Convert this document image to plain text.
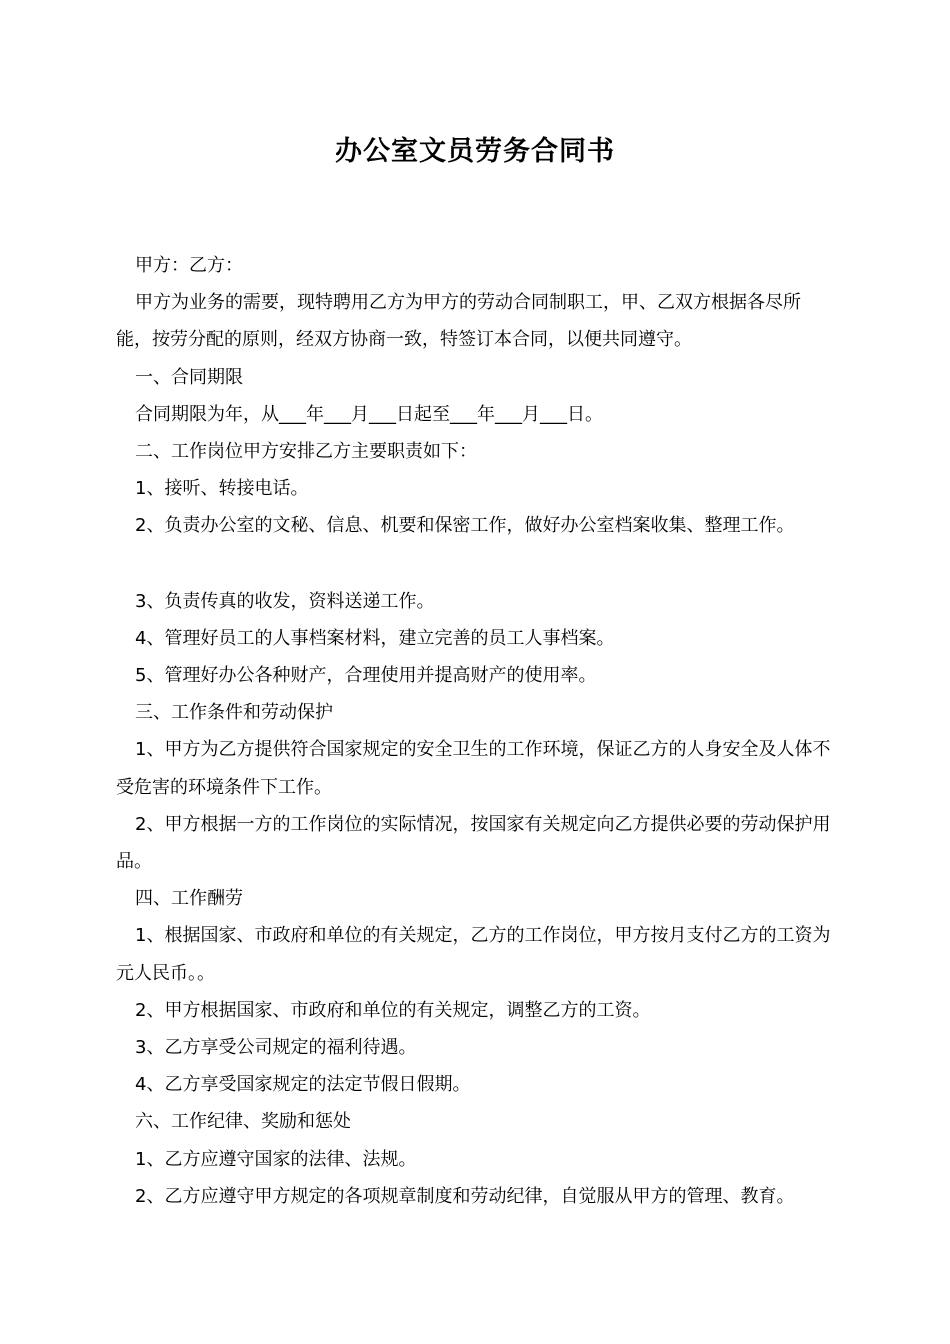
办公室文员劳务合同书

甲方：乙方：

甲方为业务的需要，现特聘用乙方为甲方的劳动合同制职工，甲、乙双方根据各尽所能，按劳分配的原则，经双方协商一致，特签订本合同，以便共同遵守。

一、合同期限

合同期限为年，从___年___月___日起至___年___月___日。

二、工作岗位甲方安排乙方主要职责如下：

1、接听、转接电话。

2、负责办公室的文秘、信息、机要和保密工作，做好办公室档案收集、整理工作。

3、负责传真的收发，资料送递工作。

4、管理好员工的人事档案材料，建立完善的员工人事档案。

5、管理好办公各种财产，合理使用并提高财产的使用率。

三、工作条件和劳动保护

1、甲方为乙方提供符合国家规定的安全卫生的工作环境，保证乙方的人身安全及人体不受危害的环境条件下工作。

2、甲方根据一方的工作岗位的实际情况，按国家有关规定向乙方提供必要的劳动保护用品。

四、工作酬劳

1、根据国家、市政府和单位的有关规定，乙方的工作岗位，甲方按月支付乙方的工资为元人民币。。

2、甲方根据国家、市政府和单位的有关规定，调整乙方的工资。

3、乙方享受公司规定的福利待遇。

4、乙方享受国家规定的法定节假日假期。

六、工作纪律、奖励和惩处

1、乙方应遵守国家的法律、法规。

2、乙方应遵守甲方规定的各项规章制度和劳动纪律，自觉服从甲方的管理、教育。
